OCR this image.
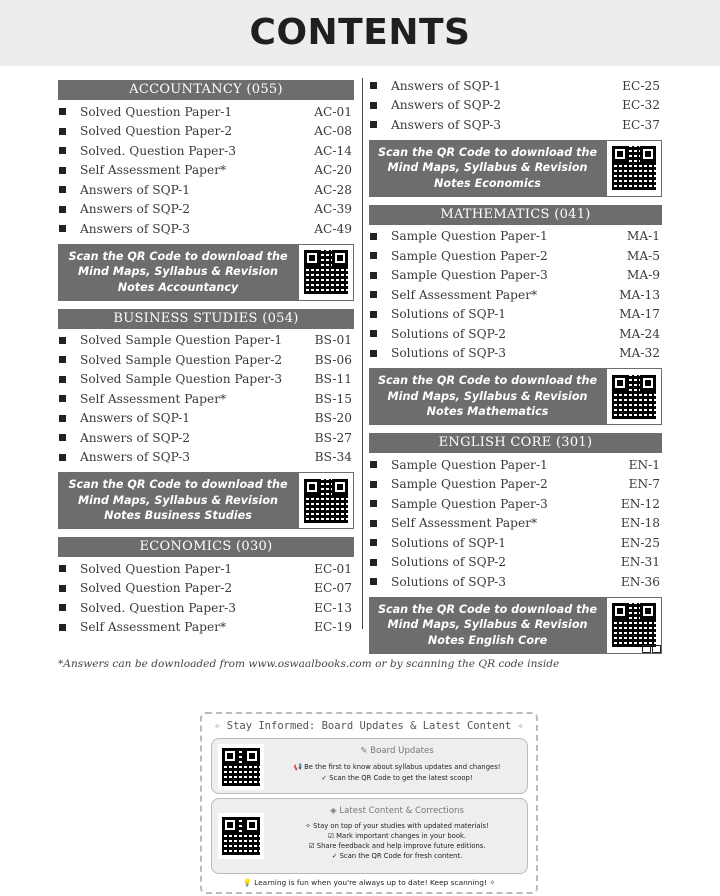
CONTENTS
ACCOUNTANCY (055)
Solved Question Paper-1	AC-01
Solved Question Paper-2	AC-08
Solved. Question Paper-3	AC-14
Self Assessment Paper*	AC-20
Answers of SQP-1	AC-28
Answers of SQP-2	AC-39
Answers of SQP-3	AC-49
Scan the QR Code to download the
Mind Maps, Syllabus & Revision
Notes Accountancy
BUSINESS STUDIES (054)
Solved Sample Question Paper-1	BS-01
Solved Sample Question Paper-2	BS-06
Solved Sample Question Paper-3	BS-11
Self Assessment Paper*	BS-15
Answers of SQP-1	BS-20
Answers of SQP-2	BS-27
Answers of SQP-3	BS-34
Scan the QR Code to download the
Mind Maps, Syllabus & Revision
Notes Business Studies
ECONOMICS (030)
Solved Question Paper-1	EC-01
Solved Question Paper-2	EC-07
Solved. Question Paper-3	EC-13
Self Assessment Paper*	EC-19
Answers of SQP-1	EC-25
Answers of SQP-2	EC-32
Answers of SQP-3	EC-37
Scan the QR Code to download the
Mind Maps, Syllabus & Revision
Notes Economics
MATHEMATICS (041)
Sample Question Paper-1	MA-1
Sample Question Paper-2	MA-5
Sample Question Paper-3	MA-9
Self Assessment Paper*	MA-13
Solutions of SQP-1	MA-17
Solutions of SQP-2	MA-24
Solutions of SQP-3	MA-32
Scan the QR Code to download the
Mind Maps, Syllabus & Revision
Notes Mathematics
ENGLISH CORE (301)
Sample Question Paper-1	EN-1
Sample Question Paper-2	EN-7
Sample Question Paper-3	EN-12
Self Assessment Paper*	EN-18
Solutions of SQP-1	EN-25
Solutions of SQP-2	EN-31
Solutions of SQP-3	EN-36
Scan the QR Code to download the
Mind Maps, Syllabus & Revision
Notes English Core
*Answers can be downloaded from www.oswaalbooks.com or by scanning the QR code inside
✧ Stay Informed: Board Updates & Latest Content ✧
✎ Board Updates
📢 Be the first to know about syllabus updates and changes!
✓ Scan the QR Code to get the latest scoop!
◈ Latest Content & Corrections
✧ Stay on top of your studies with updated materials!
☑ Mark important changes in your book.
☑ Share feedback and help improve future editions.
✓ Scan the QR Code for fresh content.
💡 Learning is fun when you're always up to date! Keep scanning! ✧
